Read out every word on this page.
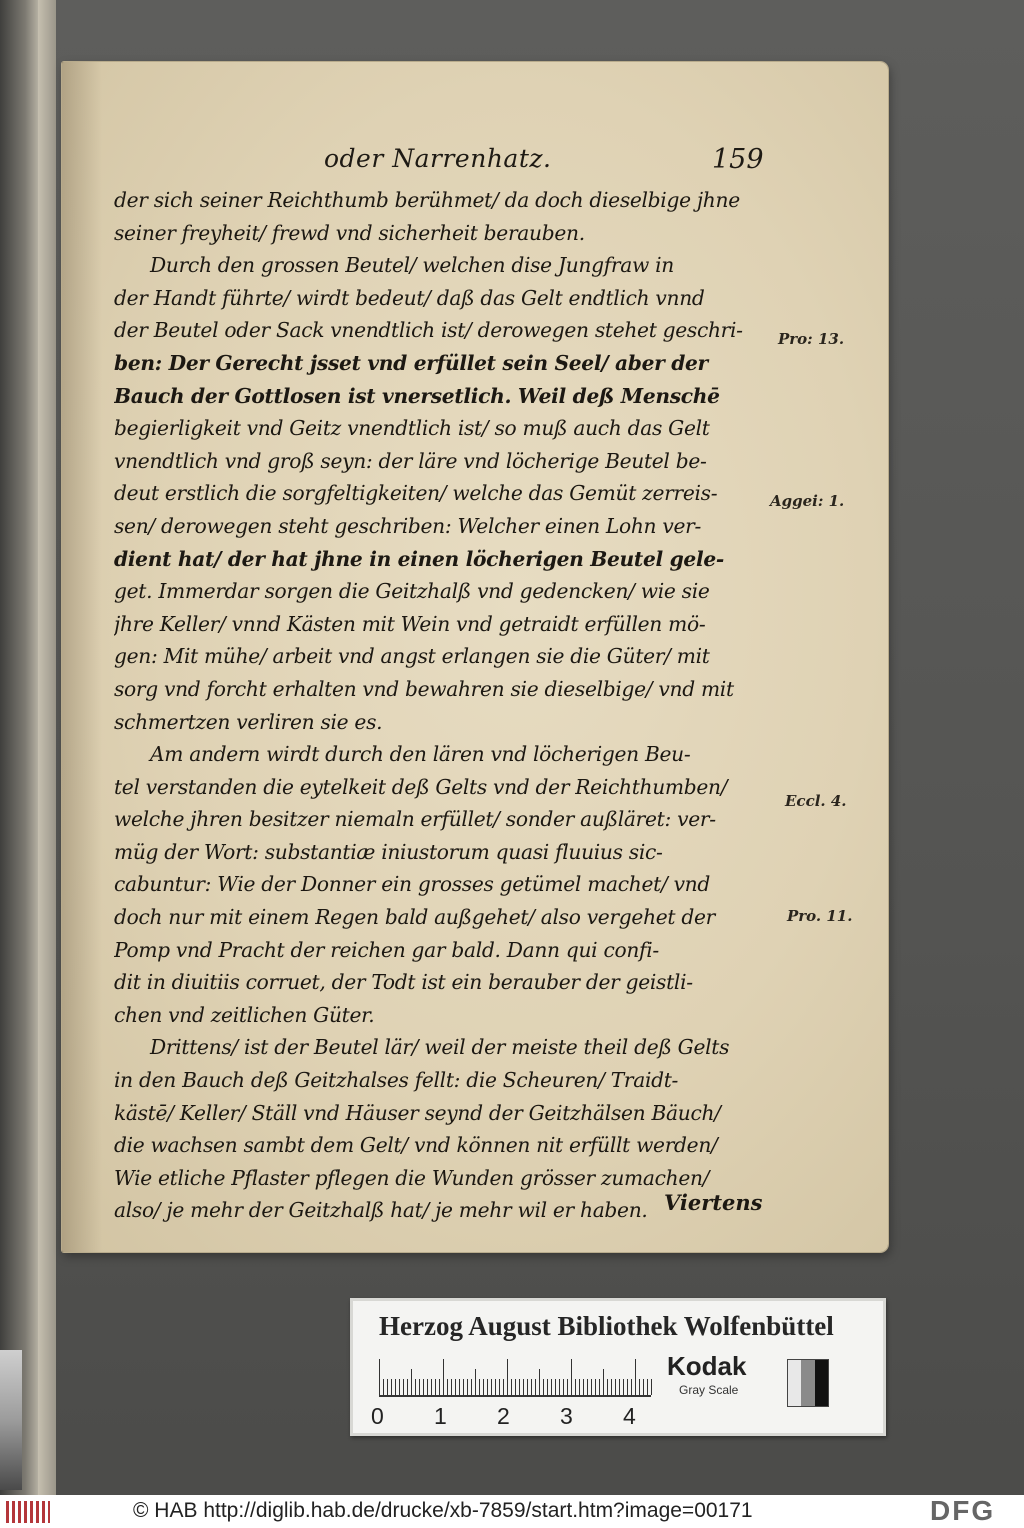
oder Narrenhatz.	159
der sich seiner Reichthumb berühmet/ da doch dieselbige jhne
seiner freyheit/ frewd vnd sicherheit berauben.
Durch den grossen Beutel/ welchen dise Jungfraw in
der Handt führte/ wirdt bedeut/ daß das Gelt endtlich vnnd
der Beutel oder Sack vnendtlich ist/ derowegen stehet geschri-
ben: Der Gerecht jsset vnd erfüllet sein Seel/ aber der
Bauch der Gottlosen ist vnersetlich. Weil deß Menschē
begierligkeit vnd Geitz vnendtlich ist/ so muß auch das Gelt
vnendtlich vnd groß seyn: der läre vnd löcherige Beutel be-
deut erstlich die sorgfeltigkeiten/ welche das Gemüt zerreis-
sen/ derowegen steht geschriben: Welcher einen Lohn ver-
dient hat/ der hat jhne in einen löcherigen Beutel gele-
get. Immerdar sorgen die Geitzhalß vnd gedencken/ wie sie
jhre Keller/ vnnd Kästen mit Wein vnd getraidt erfüllen mö-
gen: Mit mühe/ arbeit vnd angst erlangen sie die Güter/ mit
sorg vnd forcht erhalten vnd bewahren sie dieselbige/ vnd mit
schmertzen verliren sie es.
Am andern wirdt durch den lären vnd löcherigen Beu-
tel verstanden die eytelkeit deß Gelts vnd der Reichthumben/
welche jhren besitzer niemaln erfüllet/ sonder außläret: ver-
müg der Wort: substantiæ iniustorum quasi fluuius sic-
cabuntur: Wie der Donner ein grosses getümel machet/ vnd
doch nur mit einem Regen bald außgehet/ also vergehet der
Pomp vnd Pracht der reichen gar bald. Dann qui confi-
dit in diuitiis corruet, der Todt ist ein berauber der geistli-
chen vnd zeitlichen Güter.
Drittens/ ist der Beutel lär/ weil der meiste theil deß Gelts
in den Bauch deß Geitzhalses fellt: die Scheuren/ Traidt-
kästē/ Keller/ Ställ vnd Häuser seynd der Geitzhälsen Bäuch/
die wachsen sambt dem Gelt/ vnd können nit erfüllt werden/
Wie etliche Pflaster pflegen die Wunden grösser zumachen/
also/ je mehr der Geitzhalß hat/ je mehr wil er haben.
Pro: 13.
Aggei: 1.
Eccl. 4.
Pro. 11.
Viertens
Herzog August Bibliothek Wolfenbüttel
0 1 2 3 4
Kodak
Gray Scale
© HAB http://diglib.hab.de/drucke/xb-7859/start.htm?image=00171	DFG
